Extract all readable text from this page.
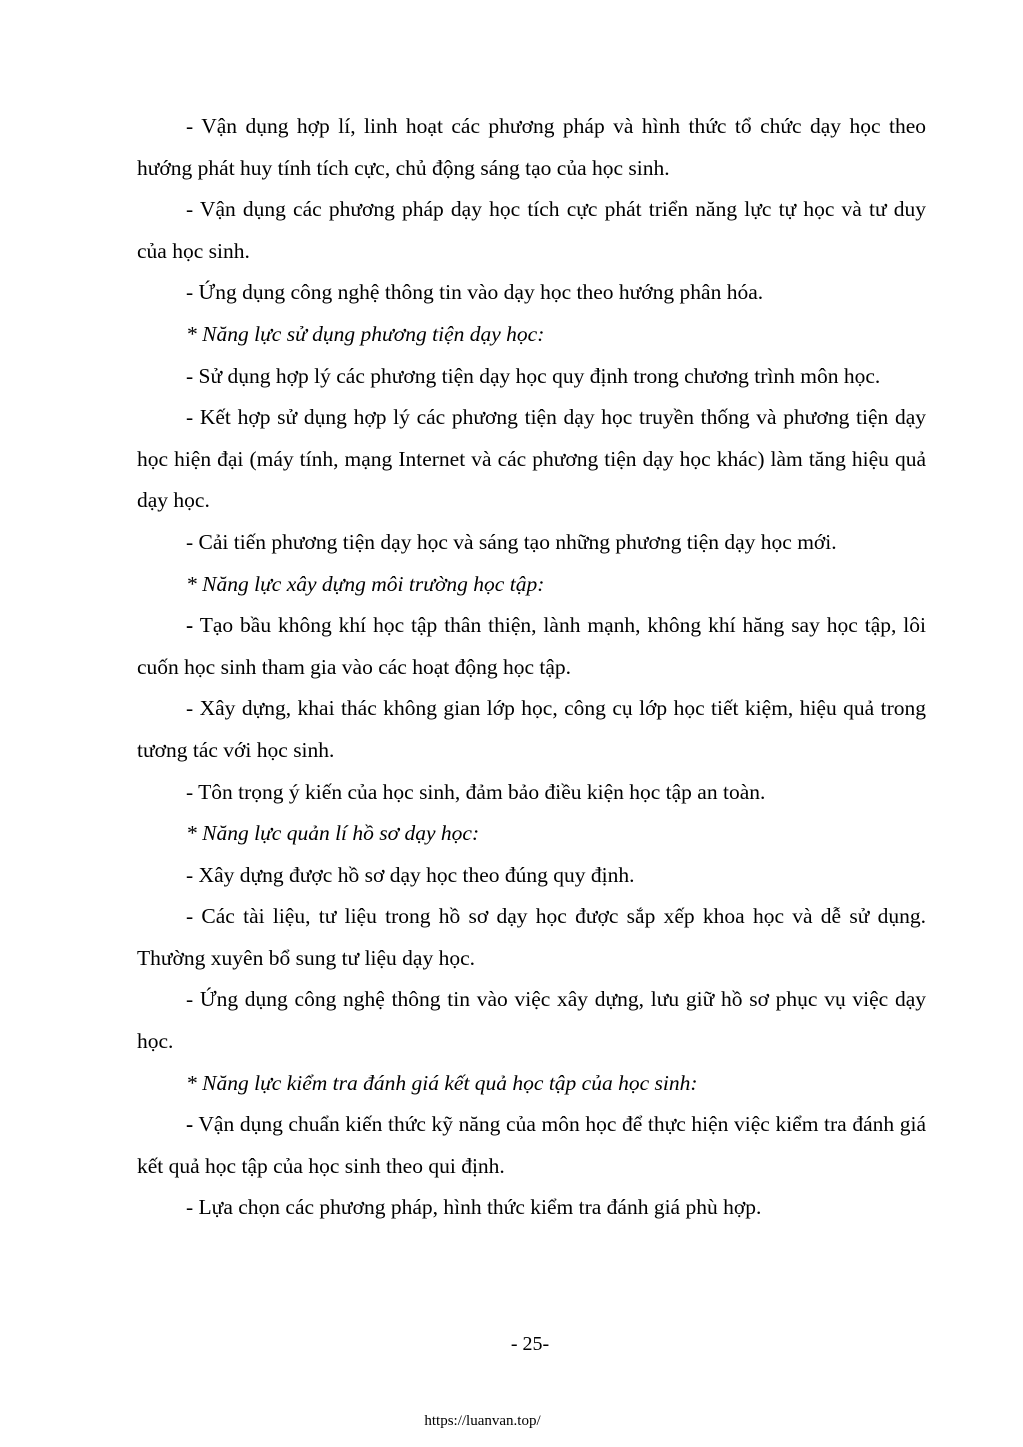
- Vận dụng hợp lí, linh hoạt các phương pháp và hình thức tổ chức dạy học theo hướng phát huy tính tích cực, chủ động sáng tạo của học sinh.

- Vận dụng các phương pháp dạy học tích cực phát triển năng lực tự học và tư duy của học sinh.

- Ứng dụng công nghệ thông tin vào dạy học theo hướng phân hóa.

* Năng lực sử dụng phương tiện dạy học:

- Sử dụng hợp lý các phương tiện dạy học quy định trong chương trình môn học.

- Kết hợp sử dụng hợp lý các phương tiện dạy học truyền thống và phương tiện dạy học hiện đại (máy tính, mạng Internet và các phương tiện dạy học khác) làm tăng hiệu quả dạy học.

- Cải tiến phương tiện dạy học và sáng tạo những phương tiện dạy học mới.

* Năng lực xây dựng môi trường học tập:

- Tạo bầu không khí học tập thân thiện, lành mạnh, không khí hăng say học tập, lôi cuốn học sinh tham gia vào các hoạt động học tập.

- Xây dựng, khai thác không gian lớp học, công cụ lớp học tiết kiệm, hiệu quả trong tương tác với học sinh.

- Tôn trọng ý kiến của học sinh, đảm bảo điều kiện học tập an toàn.

* Năng lực quản lí hồ sơ dạy học:

- Xây dựng được hồ sơ dạy học theo đúng quy định.

- Các tài liệu, tư liệu trong hồ sơ dạy học được sắp xếp khoa học và dễ sử dụng. Thường xuyên bổ sung tư liệu dạy học.

- Ứng dụng công nghệ thông tin vào việc xây dựng, lưu giữ hồ sơ phục vụ việc dạy học.

* Năng lực kiểm tra đánh giá kết quả học tập của học sinh:

- Vận dụng chuẩn kiến thức kỹ năng của môn học để thực hiện việc kiểm tra đánh giá kết quả học tập của học sinh theo qui định.

- Lựa chọn các phương pháp, hình thức kiểm tra đánh giá phù hợp.

- 25-
https://luanvan.top/
